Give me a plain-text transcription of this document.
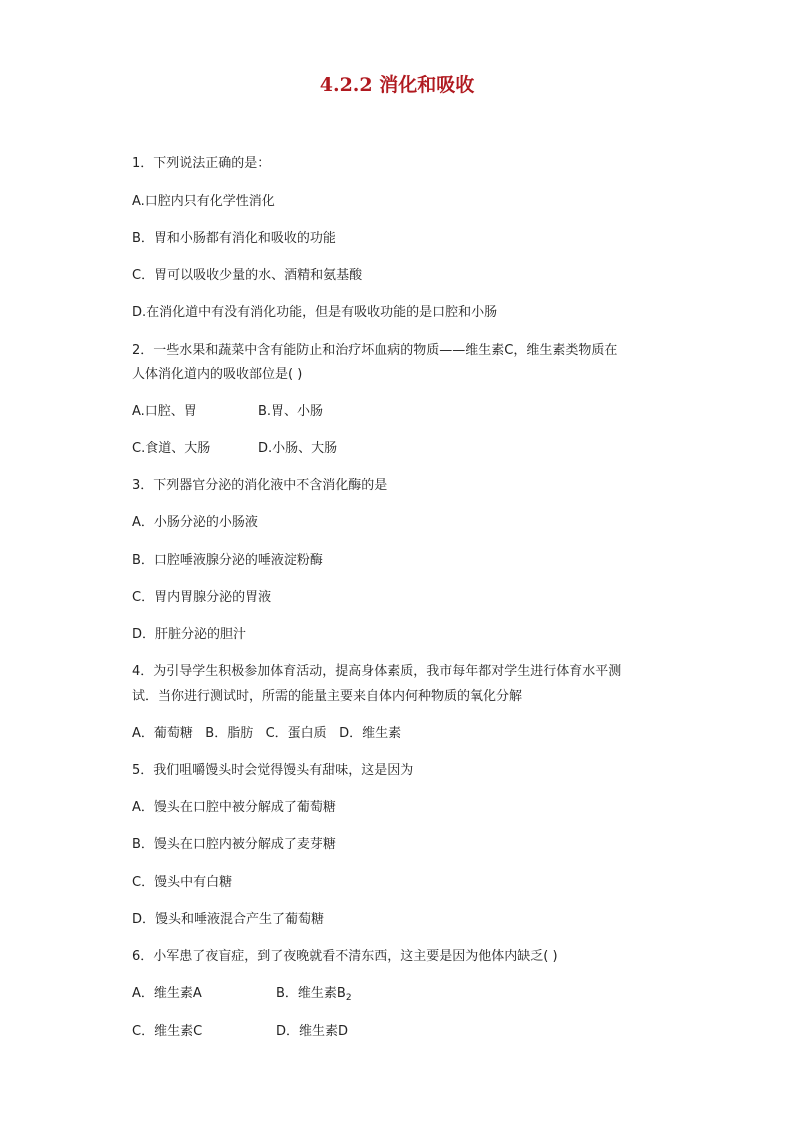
4.2.2 消化和吸收
1．下列说法正确的是：
A.口腔内只有化学性消化
B．胃和小肠都有消化和吸收的功能
C．胃可以吸收少量的水、酒精和氨基酸
D.在消化道中有没有消化功能，但是有吸收功能的是口腔和小肠
2．一些水果和蔬菜中含有能防止和治疗坏血病的物质——维生素C，维生素类物质在
人体消化道内的吸收部位是( )
A.口腔、胃	B.胃、小肠
C.食道、大肠	D.小肠、大肠
3．下列器官分泌的消化液中不含消化酶的是
A．小肠分泌的小肠液
B．口腔唾液腺分泌的唾液淀粉酶
C．胃内胃腺分泌的胃液
D．肝脏分泌的胆汁
4．为引导学生积极参加体育活动，提高身体素质，我市每年都对学生进行体育水平测
试．当你进行测试时，所需的能量主要来自体内何种物质的氧化分解
A．葡萄糖   B．脂肪   C．蛋白质   D．维生素
5．我们咀嚼馒头时会觉得馒头有甜味，这是因为
A．馒头在口腔中被分解成了葡萄糖
B．馒头在口腔内被分解成了麦芽糖
C．馒头中有白糖
D．馒头和唾液混合产生了葡萄糖
6．小军患了夜盲症，到了夜晚就看不清东西，这主要是因为他体内缺乏( )
A．维生素A	B．维生素$B_2$
C．维生素C	D．维生素D
